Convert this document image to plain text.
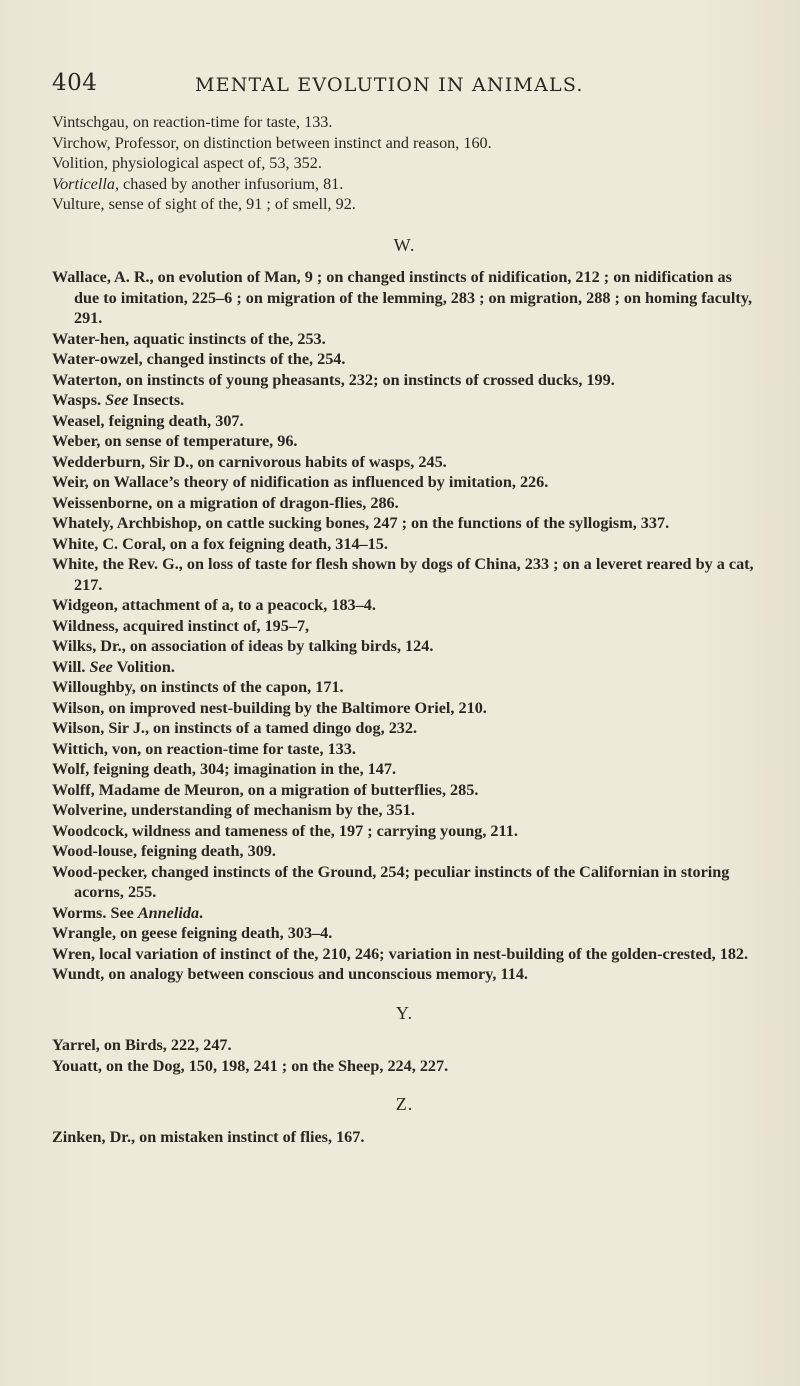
404	MENTAL EVOLUTION IN ANIMALS.

Vintschgau, on reaction-time for taste, 133.

Virchow, Professor, on distinction between instinct and reason, 160.

Volition, physiological aspect of, 53, 352.

Vorticella, chased by another infusorium, 81.

Vulture, sense of sight of the, 91 ; of smell, 92.

W.

Wallace, A. R., on evolution of Man, 9 ; on changed instincts of nidification, 212 ; on nidification as due to imitation, 225–6 ; on migration of the lemming, 283 ; on migration, 288 ; on homing faculty, 291.

Water-hen, aquatic instincts of the, 253.

Water-owzel, changed instincts of the, 254.

Waterton, on instincts of young pheasants, 232; on instincts of crossed ducks, 199.

Wasps. See Insects.

Weasel, feigning death, 307.

Weber, on sense of temperature, 96.

Wedderburn, Sir D., on carnivorous habits of wasps, 245.

Weir, on Wallace’s theory of nidification as influenced by imitation, 226.

Weissenborne, on a migration of dragon-flies, 286.

Whately, Archbishop, on cattle sucking bones, 247 ; on the functions of the syllogism, 337.

White, C. Coral, on a fox feigning death, 314–15.

White, the Rev. G., on loss of taste for flesh shown by dogs of China, 233 ; on a leveret reared by a cat, 217.

Widgeon, attachment of a, to a peacock, 183–4.

Wildness, acquired instinct of, 195–7,

Wilks, Dr., on association of ideas by talking birds, 124.

Will. See Volition.

Willoughby, on instincts of the capon, 171.

Wilson, on improved nest-building by the Baltimore Oriel, 210.

Wilson, Sir J., on instincts of a tamed dingo dog, 232.

Wittich, von, on reaction-time for taste, 133.

Wolf, feigning death, 304; imagination in the, 147.

Wolff, Madame de Meuron, on a migration of butterflies, 285.

Wolverine, understanding of mechanism by the, 351.

Woodcock, wildness and tameness of the, 197 ; carrying young, 211.

Wood-louse, feigning death, 309.

Wood-pecker, changed instincts of the Ground, 254; peculiar instincts of the Californian in storing acorns, 255.

Worms. See Annelida.

Wrangle, on geese feigning death, 303–4.

Wren, local variation of instinct of the, 210, 246; variation in nest-building of the golden-crested, 182.

Wundt, on analogy between conscious and unconscious memory, 114.

Y.

Yarrel, on Birds, 222, 247.

Youatt, on the Dog, 150, 198, 241 ; on the Sheep, 224, 227.

Z.

Zinken, Dr., on mistaken instinct of flies, 167.
